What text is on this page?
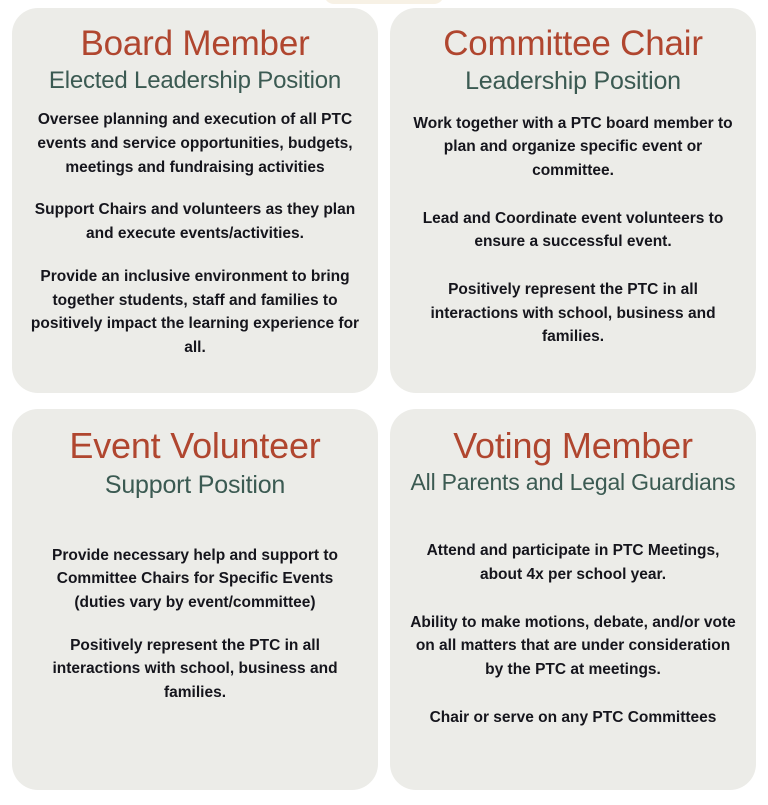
Board Member
Elected Leadership Position

Oversee planning and execution of all PTC events and service opportunities, budgets, meetings and fundraising activities

Support Chairs and volunteers as they plan and execute events/activities.

Provide an inclusive environment to bring together students, staff and families to positively impact the learning experience for all.

Committee Chair
Leadership Position

Work together with a PTC board member to plan and organize specific event or committee.

Lead and Coordinate event volunteers to ensure a successful event.

Positively represent the PTC in all interactions with school, business and families.

Event Volunteer
Support Position

Provide necessary help and support to Committee Chairs for Specific Events (duties vary by event/committee)

Positively represent the PTC in all interactions with school, business and families.

Voting Member
All Parents and Legal Guardians

Attend and participate in PTC Meetings, about 4x per school year.

Ability to make motions, debate, and/or vote on all matters that are under consideration by the PTC at meetings.

Chair or serve on any PTC Committees
